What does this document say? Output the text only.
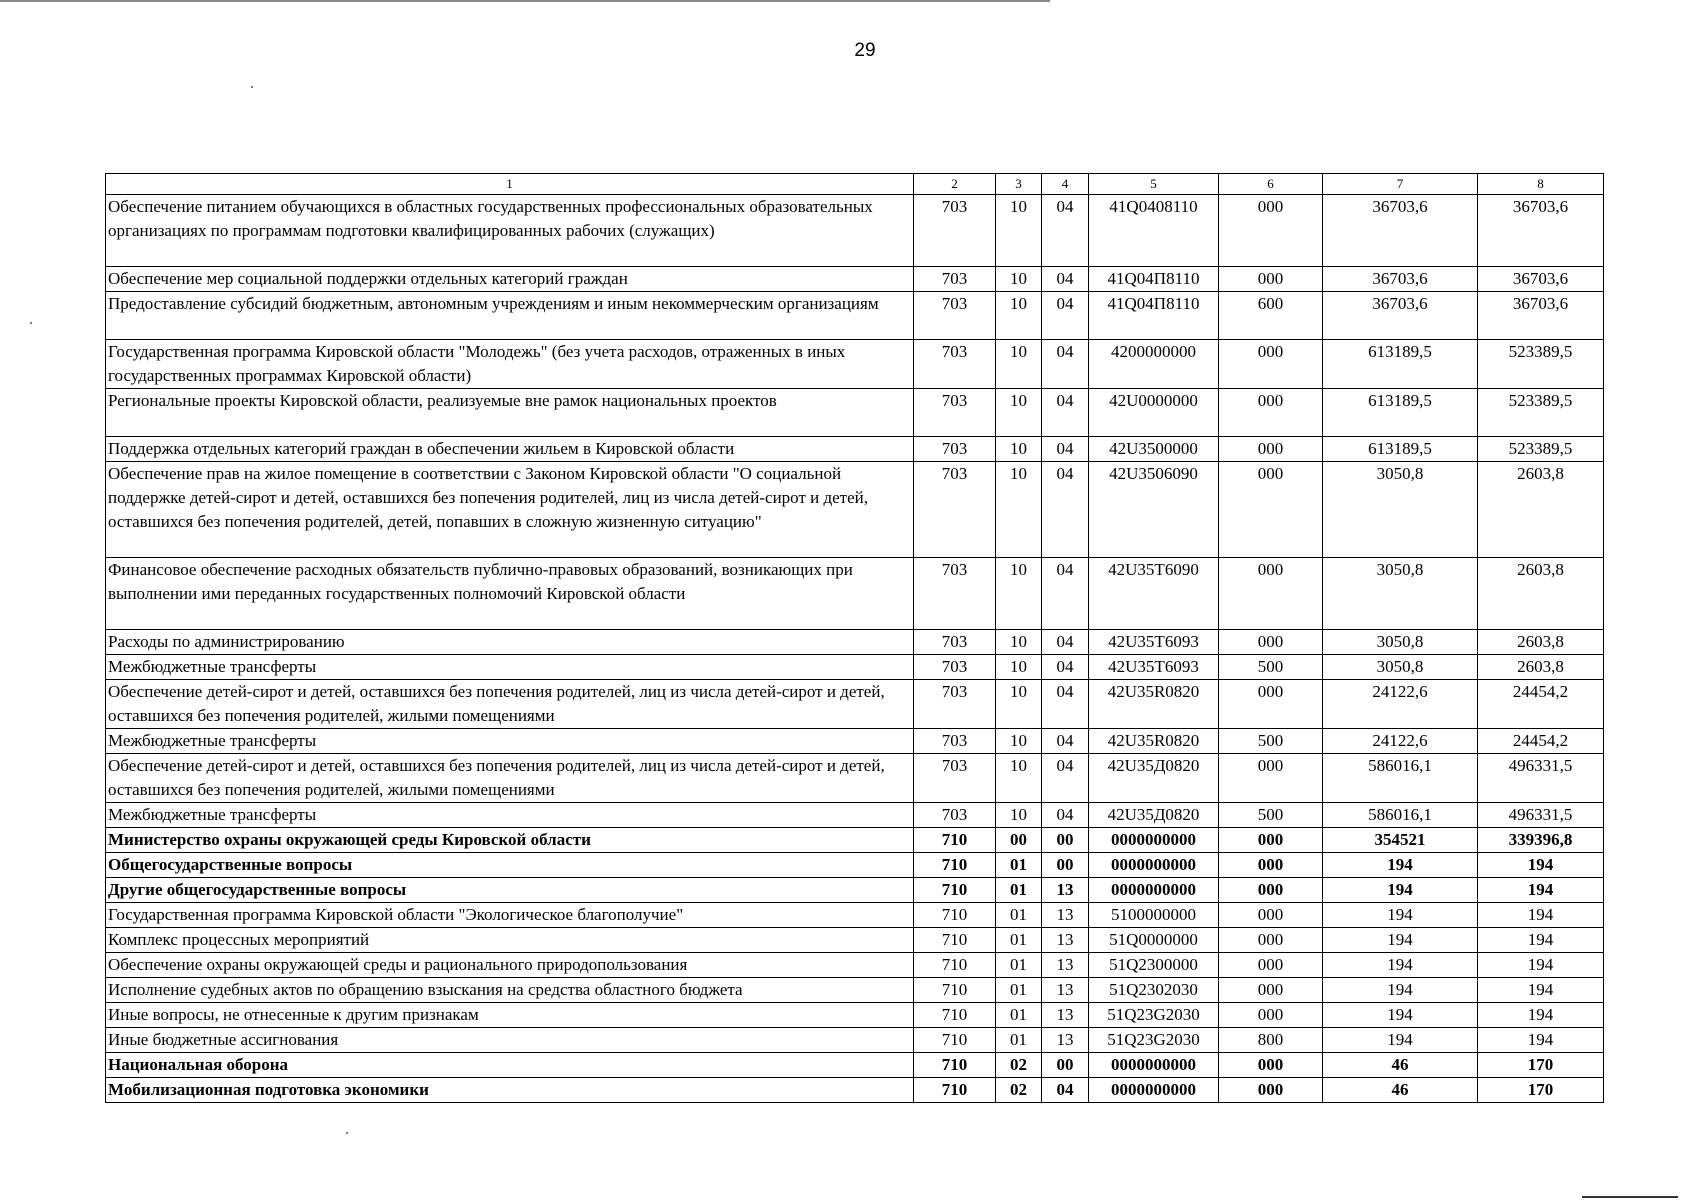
29
1	2	3	4	5	6	7	8
Обеспечение питанием обучающихся в областных государственных профессиональных образовательных организациях по программам подготовки квалифицированных рабочих (служащих)	703	10	04	41Q0408110	000	36703,6	36703,6
Обеспечение мер социальной поддержки отдельных категорий граждан	703	10	04	41Q04П8110	000	36703,6	36703,6
Предоставление субсидий бюджетным, автономным учреждениям и иным некоммерческим организациям	703	10	04	41Q04П8110	600	36703,6	36703,6
Государственная программа Кировской области "Молодежь" (без учета расходов, отраженных в иных государственных программах Кировской области)	703	10	04	4200000000	000	613189,5	523389,5
Региональные проекты Кировской области, реализуемые вне рамок национальных проектов	703	10	04	42U0000000	000	613189,5	523389,5
Поддержка отдельных категорий граждан в обеспечении жильем в Кировской области	703	10	04	42U3500000	000	613189,5	523389,5
Обеспечение прав на жилое помещение в соответствии с Законом Кировской области "О социальной поддержке детей-сирот и детей, оставшихся без попечения родителей, лиц из числа детей-сирот и детей, оставшихся без попечения родителей, детей, попавших в сложную жизненную ситуацию"	703	10	04	42U3506090	000	3050,8	2603,8
Финансовое обеспечение расходных обязательств публично-правовых образований, возникающих при выполнении ими переданных государственных полномочий Кировской области	703	10	04	42U35T6090	000	3050,8	2603,8
Расходы по администрированию	703	10	04	42U35T6093	000	3050,8	2603,8
Межбюджетные трансферты	703	10	04	42U35T6093	500	3050,8	2603,8
Обеспечение детей-сирот и детей, оставшихся без попечения родителей, лиц из числа детей-сирот и детей, оставшихся без попечения родителей, жилыми помещениями	703	10	04	42U35R0820	000	24122,6	24454,2
Межбюджетные трансферты	703	10	04	42U35R0820	500	24122,6	24454,2
Обеспечение детей-сирот и детей, оставшихся без попечения родителей, лиц из числа детей-сирот и детей, оставшихся без попечения родителей, жилыми помещениями	703	10	04	42U35Д0820	000	586016,1	496331,5
Межбюджетные трансферты	703	10	04	42U35Д0820	500	586016,1	496331,5
Министерство охраны окружающей среды Кировской области	710	00	00	0000000000	000	354521	339396,8
Общегосударственные вопросы	710	01	00	0000000000	000	194	194
Другие общегосударственные вопросы	710	01	13	0000000000	000	194	194
Государственная программа Кировской области "Экологическое благополучие"	710	01	13	5100000000	000	194	194
Комплекс процессных мероприятий	710	01	13	51Q0000000	000	194	194
Обеспечение охраны окружающей среды и рационального природопользования	710	01	13	51Q2300000	000	194	194
Исполнение судебных актов по обращению взыскания на средства областного бюджета	710	01	13	51Q2302030	000	194	194
Иные вопросы, не отнесенные к другим признакам	710	01	13	51Q23G2030	000	194	194
Иные бюджетные ассигнования	710	01	13	51Q23G2030	800	194	194
Национальная оборона	710	02	00	0000000000	000	46	170
Мобилизационная подготовка экономики	710	02	04	0000000000	000	46	170
